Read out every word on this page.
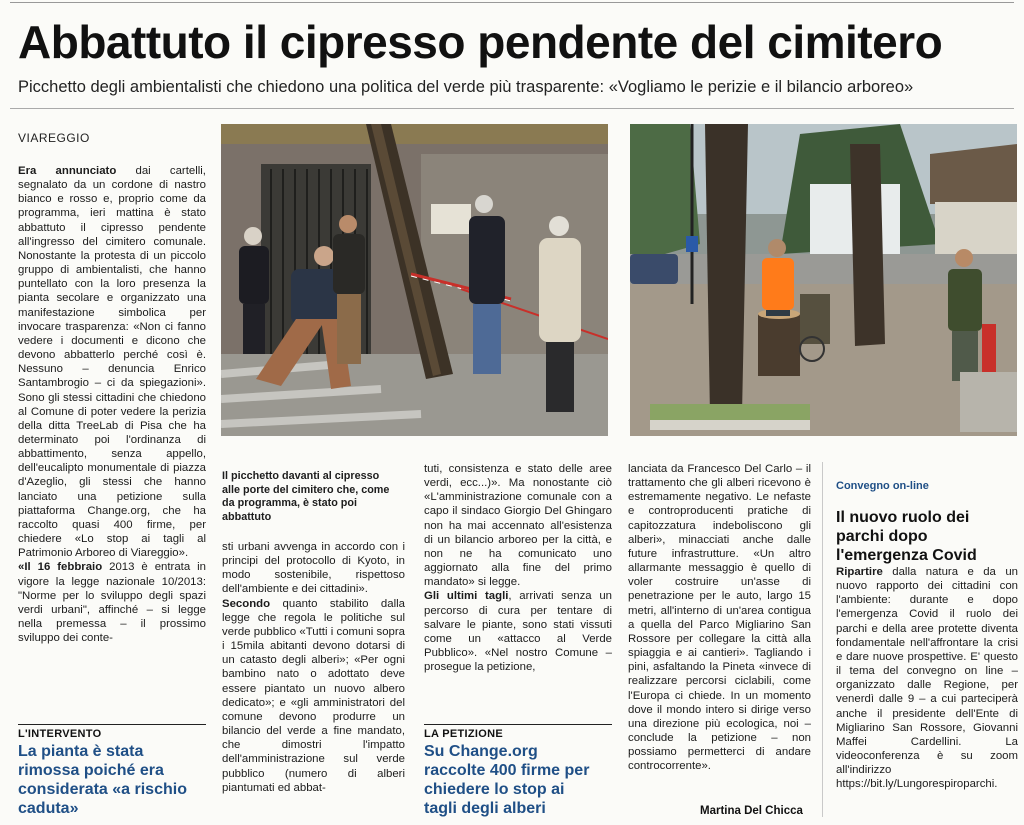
Abbattuto il cipresso pendente del cimitero
Picchetto degli ambientalisti che chiedono una politica del verde più trasparente: «Vogliamo le perizie e il bilancio arboreo»
VIAREGGIO

Era annunciato dai cartelli, segnalato da un cordone di nastro bianco e rosso e, proprio come da programma, ieri mattina è stato abbattuto il cipresso pendente all'ingresso del cimitero comunale. Nonostante la protesta di un piccolo gruppo di ambientalisti, che hanno puntellato con la loro presenza la pianta secolare e organizzato una manifestazione simbolica per invocare trasparenza: «Non ci fanno vedere i documenti e dicono che devono abbatterlo perché così è. Nessuno – denuncia Enrico Santambrogio – ci da spiegazioni». Sono gli stessi cittadini che chiedono al Comune di poter vedere la perizia della ditta TreeLab di Pisa che ha determinato poi l'ordinanza di abbattimento, senza appello, dell'eucalipto monumentale di piazza d'Azeglio, gli stessi che hanno lanciato una petizione sulla piattaforma Change.org, che ha raccolto quasi 400 firme, per chiedere «Lo stop ai tagli al Patrimonio Arboreo di Viareggio».

«Il 16 febbraio 2013 è entrata in vigore la legge nazionale 10/2013: "Norme per lo sviluppo degli spazi verdi urbani", affinché – si legge nella premessa – il prossimo sviluppo dei conte-

L'INTERVENTO
La pianta è stata rimossa poiché era considerata «a rischio caduta»
Il picchetto davanti al cipresso alle porte del cimitero che, come da programma, è stato poi abbattuto

sti urbani avvenga in accordo con i principi del protocollo di Kyoto, in modo sostenibile, rispettoso dell'ambiente e dei cittadini».

Secondo quanto stabilito dalla legge che regola le politiche sul verde pubblico «Tutti i comuni sopra i 15mila abitanti devono dotarsi di un catasto degli alberi»; «Per ogni bambino nato o adottato deve essere piantato un nuovo albero dedicato»; e «gli amministratori del comune devono produrre un bilancio del verde a fine mandato, che dimostri l'impatto dell'amministrazione sul verde pubblico (numero di alberi piantumati ed abbat-

tuti, consistenza e stato delle aree verdi, ecc...)». Ma nonostante ciò «L'amministrazione comunale con a capo il sindaco Giorgio Del Ghingaro non ha mai accennato all'esistenza di un bilancio arboreo per la città, e non ne ha comunicato uno aggiornato alla fine del primo mandato» si legge.

Gli ultimi tagli, arrivati senza un percorso di cura per tentare di salvare le piante, sono stati vissuti come un «attacco al Verde Pubblico». «Nel nostro Comune – prosegue la petizione,

LA PETIZIONE
Su Change.org raccolte 400 firme per chiedere lo stop ai tagli degli alberi

lanciata da Francesco Del Carlo – il trattamento che gli alberi ricevono è estremamente negativo. Le nefaste e controproducenti pratiche di capitozzatura indeboliscono gli alberi», minacciati anche dalle future infrastrutture. «Un altro allarmante messaggio è quello di voler costruire un'asse di penetrazione per le auto, largo 15 metri, all'interno di un'area contigua a quella del Parco Migliarino San Rossore per collegare la città alla spiaggia e ai cantieri». Tagliando i pini, asfaltando la Pineta «invece di realizzare percorsi ciclabili, come l'Europa ci chiede. In un momento dove il mondo intero si dirige verso una direzione più ecologica, noi – conclude la petizione – non possiamo permetterci di andare controcorrente».

Martina Del Chicca
Convegno on-line
Il nuovo ruolo dei parchi dopo l'emergenza Covid

Ripartire dalla natura e da un nuovo rapporto dei cittadini con l'ambiente: durante e dopo l'emergenza Covid il ruolo dei parchi e della aree protette diventa fondamentale nell'affrontare la crisi e dare nuove prospettive. E' questo il tema del convegno on line – organizzato dalle Regione, per venerdì dalle 9 – a cui parteciperà anche il presidente dell'Ente di Migliarino San Rossore, Giovanni Maffei Cardellini. La videoconferenza è su zoom all'indirizzo https://bit.ly/Lungorespiroparchi.
